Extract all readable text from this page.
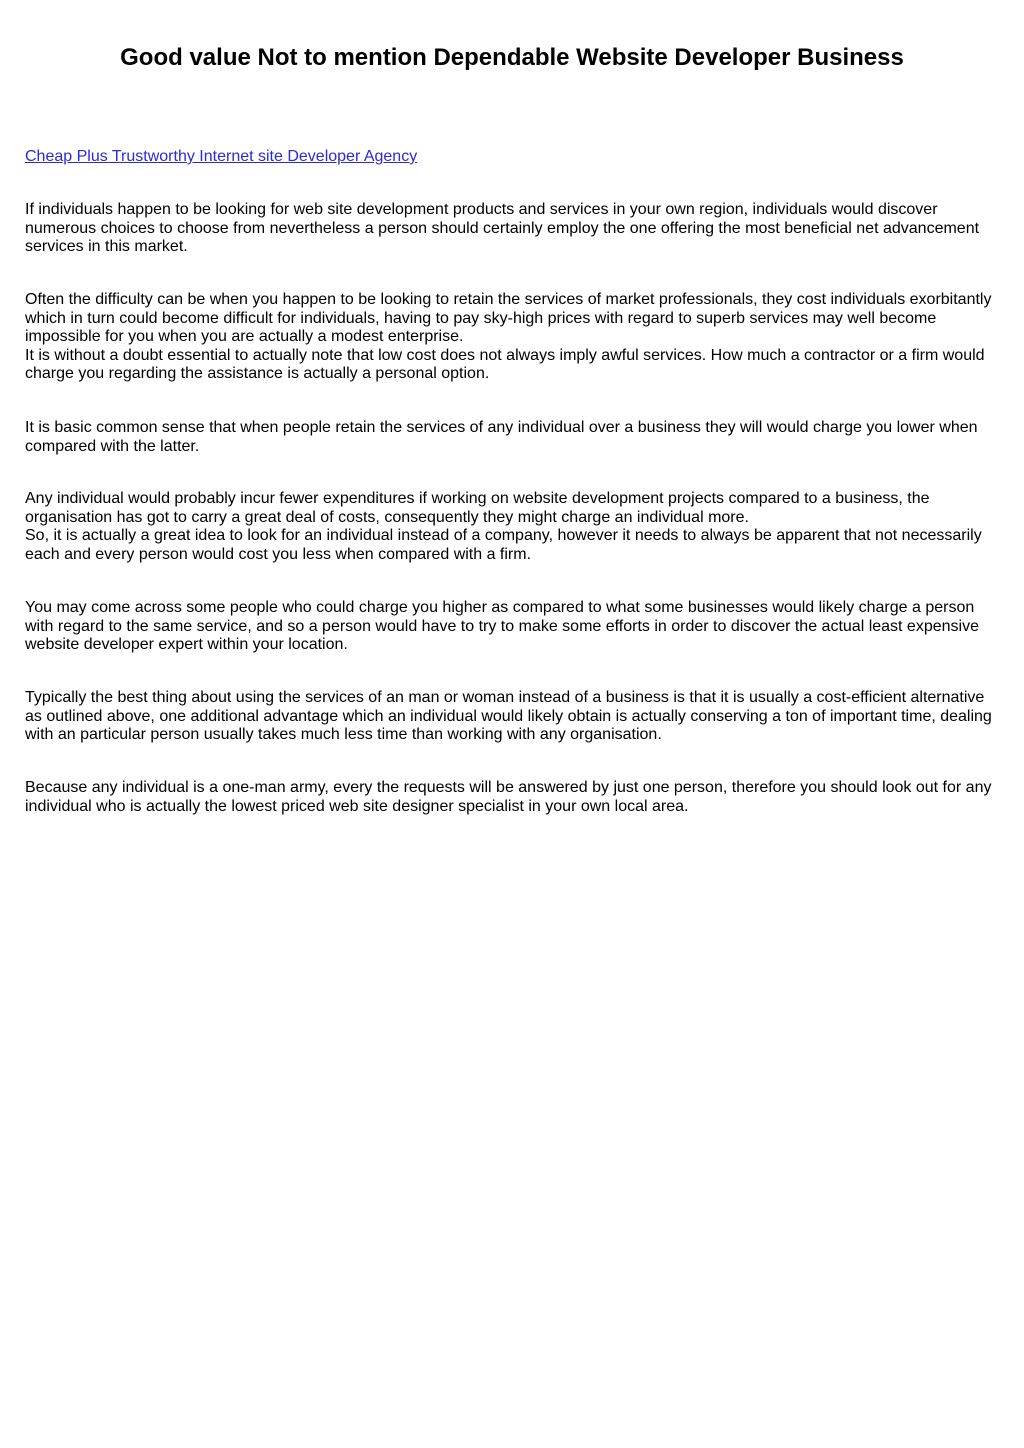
Good value Not to mention Dependable Website Developer Business
Cheap Plus Trustworthy Internet site Developer Agency

If individuals happen to be looking for web site development products and services in your own region, individuals would discover numerous choices to choose from nevertheless a person should certainly employ the one offering the most beneficial net advancement services in this market.

Often the difficulty can be when you happen to be looking to retain the services of market professionals, they cost individuals exorbitantly which in turn could become difficult for individuals, having to pay sky-high prices with regard to superb services may well become impossible for you when you are actually a modest enterprise.
It is without a doubt essential to actually note that low cost does not always imply awful services. How much a contractor or a firm would charge you regarding the assistance is actually a personal option.

It is basic common sense that when people retain the services of any individual over a business they will would charge you lower when compared with the latter.

Any individual would probably incur fewer expenditures if working on website development projects compared to a business, the organisation has got to carry a great deal of costs, consequently they might charge an individual more.
So, it is actually a great idea to look for an individual instead of a company, however it needs to always be apparent that not necessarily each and every person would cost you less when compared with a firm.

You may come across some people who could charge you higher as compared to what some businesses would likely charge a person with regard to the same service, and so a person would have to try to make some efforts in order to discover the actual least expensive website developer expert within your location.

Typically the best thing about using the services of an man or woman instead of a business is that it is usually a cost-efficient alternative as outlined above, one additional advantage which an individual would likely obtain is actually conserving a ton of important time, dealing with an particular person usually takes much less time than working with any organisation.

Because any individual is a one-man army, every the requests will be answered by just one person, therefore you should look out for any individual who is actually the lowest priced web site designer specialist in your own local area.
